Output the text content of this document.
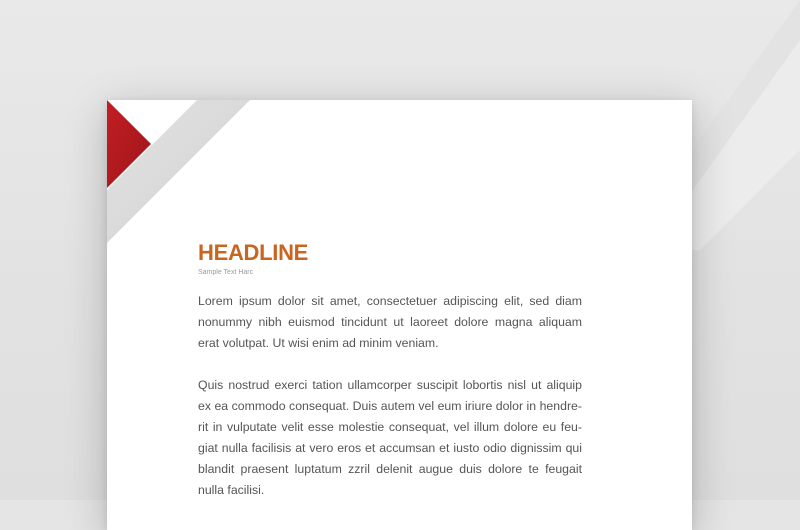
HEADLINE

Sample Text Harc

Lorem ipsum dolor sit amet, consectetuer adipiscing elit, sed diam nonummy nibh euismod tincidunt ut laoreet dolore magna aliquam erat volutpat. Ut wisi enim ad minim veniam.

Quis nostrud exerci tation ullamcorper suscipit lobortis nisl ut aliquip ex ea commodo consequat. Duis autem vel eum iriure dolor in hendrerit in vulputate velit esse molestie consequat, vel illum dolore eu feugiat nulla facilisis at vero eros et accumsan et iusto odio dignissim qui blandit praesent luptatum zzril delenit augue duis dolore te feugait nulla facilisi.
